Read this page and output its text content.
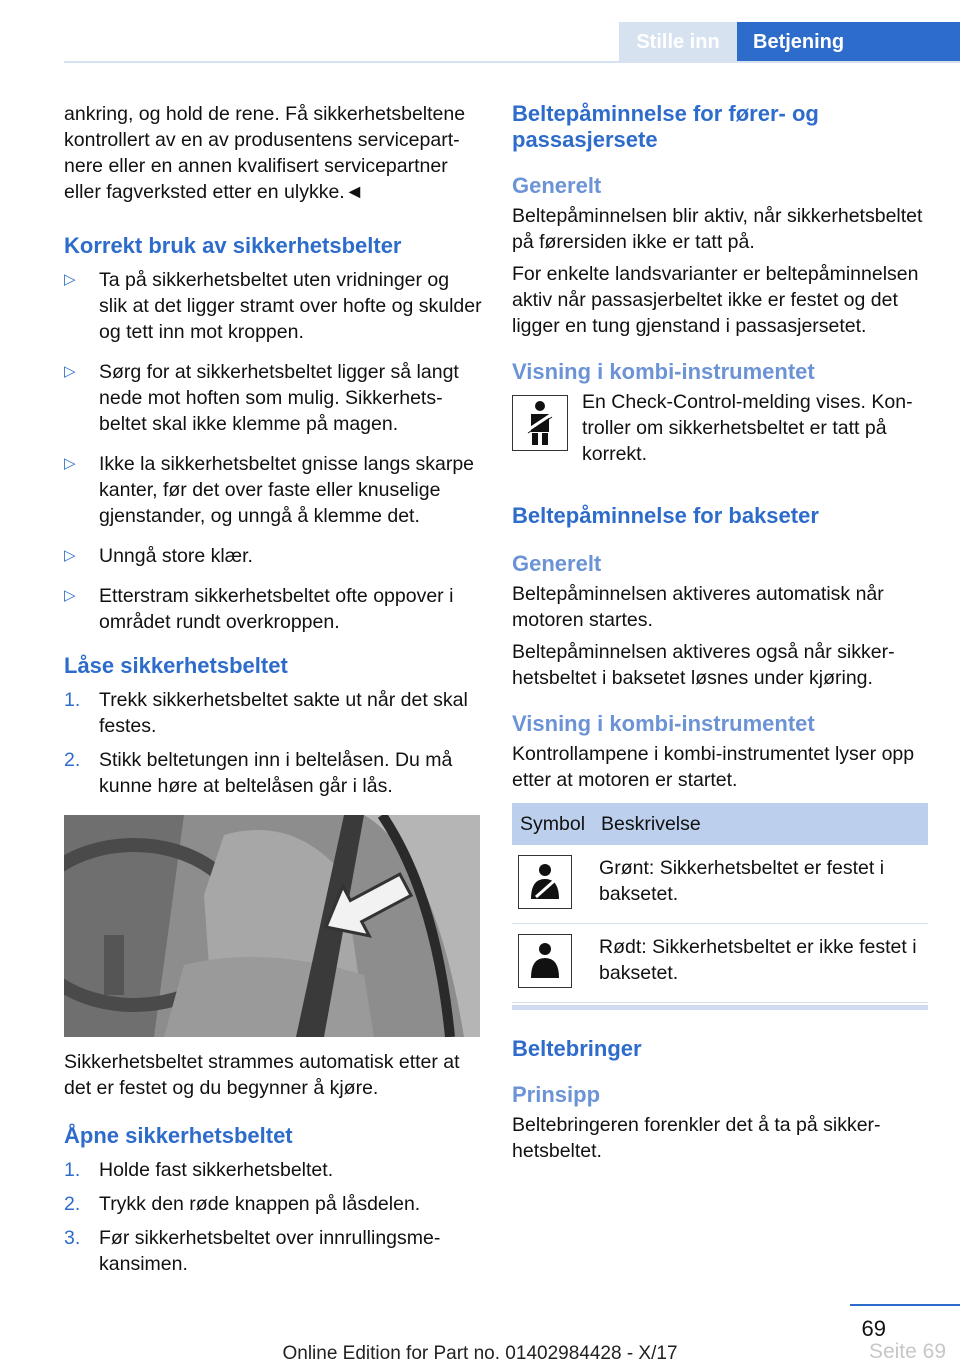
Stille inn	Betjening

ankring, og hold de rene. Få sikkerhetsbeltene kontrollert av en av produsentens servicepartnere eller en annen kvalifisert servicepartner eller fagverksted etter en ulykke.◄

Korrekt bruk av sikkerhetsbelter
▷ Ta på sikkerhetsbeltet uten vridninger og slik at det ligger stramt over hofte og skulder og tett inn mot kroppen.
▷ Sørg for at sikkerhetsbeltet ligger så langt nede mot hoften som mulig. Sikkerhetsbeltet skal ikke klemme på magen.
▷ Ikke la sikkerhetsbeltet gnisse langs skarpe kanter, før det over faste eller knuselige gjenstander, og unngå å klemme det.
▷ Unngå store klær.
▷ Etterstram sikkerhetsbeltet ofte oppover i området rundt overkroppen.
Låse sikkerhetsbeltet
1. Trekk sikkerhetsbeltet sakte ut når det skal festes.
2. Stikk beltetungen inn i beltelåsen. Du må kunne høre at beltelåsen går i lås.

Sikkerhetsbeltet strammes automatisk etter at det er festet og du begynner å kjøre.

Åpne sikkerhetsbeltet
1. Holde fast sikkerhetsbeltet.
2. Trykk den røde knappen på låsdelen.
3. Før sikkerhetsbeltet over innrullingsmekansimen.
Beltepåminnelse for fører- og passasjersete
Generelt

Beltepåminnelsen blir aktiv, når sikkerhetsbeltet på førersiden ikke er tatt på.

For enkelte landsvarianter er beltepåminnelsen aktiv når passasjerbeltet ikke er festet og det ligger en tung gjenstand i passasjersetet.

Visning i kombi-instrumentet

En Check-Control-melding vises. Kontroller om sikkerhetsbeltet er tatt på korrekt.

Beltepåminnelse for bakseter
Generelt

Beltepåminnelsen aktiveres automatisk når motoren startes.

Beltepåminnelsen aktiveres også når sikkerhetsbeltet i baksetet løsnes under kjøring.

Visning i kombi-instrumentet

Kontrollampene i kombi-instrumentet lyser opp etter at motoren er startet.

Symbol	Beskrivelse

	Grønt: Sikkerhetsbeltet er festet i baksetet.

	Rødt: Sikkerhetsbeltet er ikke festet i baksetet.
Beltebringer
Prinsipp

Beltebringeren forenkler det å ta på sikkerhetsbeltet.

69
Online Edition for Part no. 01402984428 - X/17	Seite 69
